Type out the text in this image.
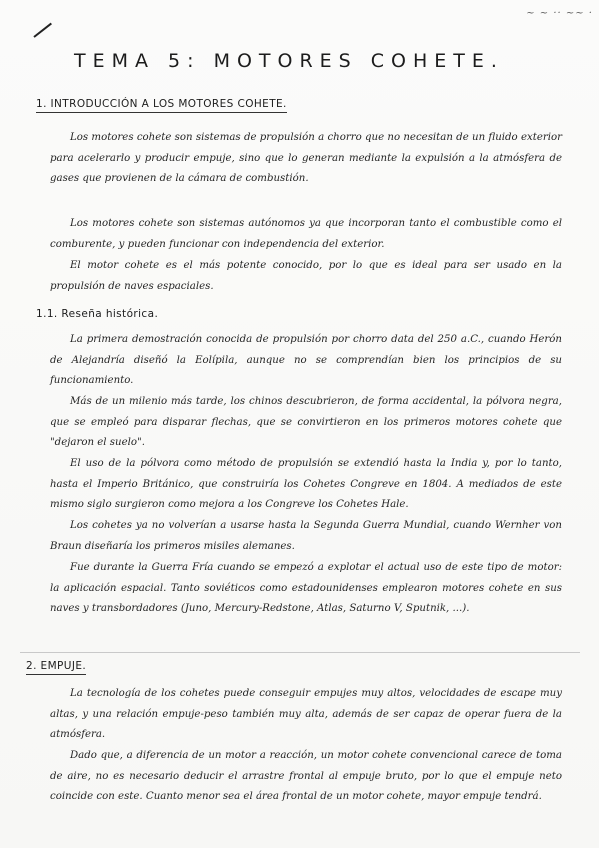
~ ~ ·· ~~ ·
TEMA 5: MOTORES COHETE.
1. INTRODUCCIÓN A LOS MOTORES COHETE.
Los motores cohete son sistemas de propulsión a chorro que no necesitan de un fluido exterior para acelerarlo y producir empuje, sino que lo generan mediante la expulsión a la atmósfera de gases que provienen de la cámara de combustión.
Los motores cohete son sistemas autónomos ya que incorporan tanto el combustible como el comburente, y pueden funcionar con independencia del exterior.
El motor cohete es el más potente conocido, por lo que es ideal para ser usado en la propulsión de naves espaciales.
1.1. Reseña histórica.
La primera demostración conocida de propulsión por chorro data del 250 a.C., cuando Herón de Alejandría diseñó la Eolípila, aunque no se comprendían bien los principios de su funcionamiento.
Más de un milenio más tarde, los chinos descubrieron, de forma accidental, la pólvora negra, que se empleó para disparar flechas, que se convirtieron en los primeros motores cohete que "dejaron el suelo".
El uso de la pólvora como método de propulsión se extendió hasta la India y, por lo tanto, hasta el Imperio Británico, que construiría los Cohetes Congreve en 1804. A mediados de este mismo siglo surgieron como mejora a los Congreve los Cohetes Hale.
Los cohetes ya no volverían a usarse hasta la Segunda Guerra Mundial, cuando Wernher von Braun diseñaría los primeros misiles alemanes.
Fue durante la Guerra Fría cuando se empezó a explotar el actual uso de este tipo de motor: la aplicación espacial. Tanto soviéticos como estadounidenses emplearon motores cohete en sus naves y transbordadores (Juno, Mercury-Redstone, Atlas, Saturno V, Sputnik, ...).
2. EMPUJE.
La tecnología de los cohetes puede conseguir empujes muy altos, velocidades de escape muy altas, y una relación empuje-peso también muy alta, además de ser capaz de operar fuera de la atmósfera.
Dado que, a diferencia de un motor a reacción, un motor cohete convencional carece de toma de aire, no es necesario deducir el arrastre frontal al empuje bruto, por lo que el empuje neto coincide con este. Cuanto menor sea el área frontal de un motor cohete, mayor empuje tendrá.
